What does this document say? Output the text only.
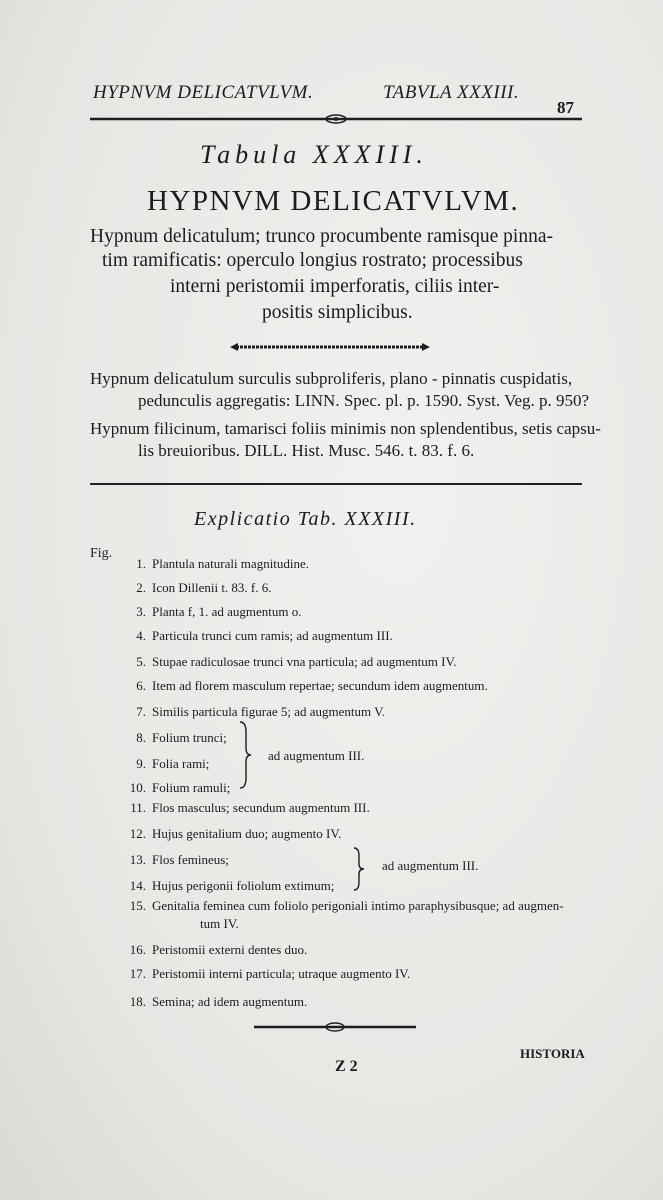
HYPNVM DELICATVLVM.	TABVLA XXXIII.
87
Tabula XXXIII.
HYPNVM DELICATVLVM.
Hypnum delicatulum; trunco procumbente ramisque pinna-
tim ramificatis: operculo longius rostrato; processibus
interni peristomii imperforatis, ciliis inter-
positis simplicibus.
Hypnum delicatulum surculis subproliferis, plano - pinnatis cuspidatis,
pedunculis aggregatis: LINN. Spec. pl. p. 1590. Syst. Veg. p. 950?
Hypnum filicinum, tamarisci foliis minimis non splendentibus, setis capsu-
lis breuioribus. DILL. Hist. Musc. 546. t. 83. f. 6.
Explicatio Tab. XXXIII.
Fig.
1. Plantula naturali magnitudine.
2. Icon Dillenii t. 83. f. 6.
3. Planta f, 1. ad augmentum o.
4. Particula trunci cum ramis; ad augmentum III.
5. Stupae radiculosae trunci vna particula; ad augmentum IV.
6. Item ad florem masculum repertae; secundum idem augmentum.
7. Similis particula figurae 5; ad augmentum V.
8. Folium trunci;
9. Folia rami;
10. Folium ramuli;
11. Flos masculus; secundum augmentum III.
12. Hujus genitalium duo; augmento IV.
13. Flos femineus;
14. Hujus perigonii foliolum extimum;
15. Genitalia feminea cum foliolo perigoniali intimo paraphysibusque; ad augmen-
tum IV.
16. Peristomii externi dentes duo.
17. Peristomii interni particula; utraque augmento IV.
18. Semina; ad idem augmentum.
ad augmentum III.
ad augmentum III.
Z 2
HISTORIA
